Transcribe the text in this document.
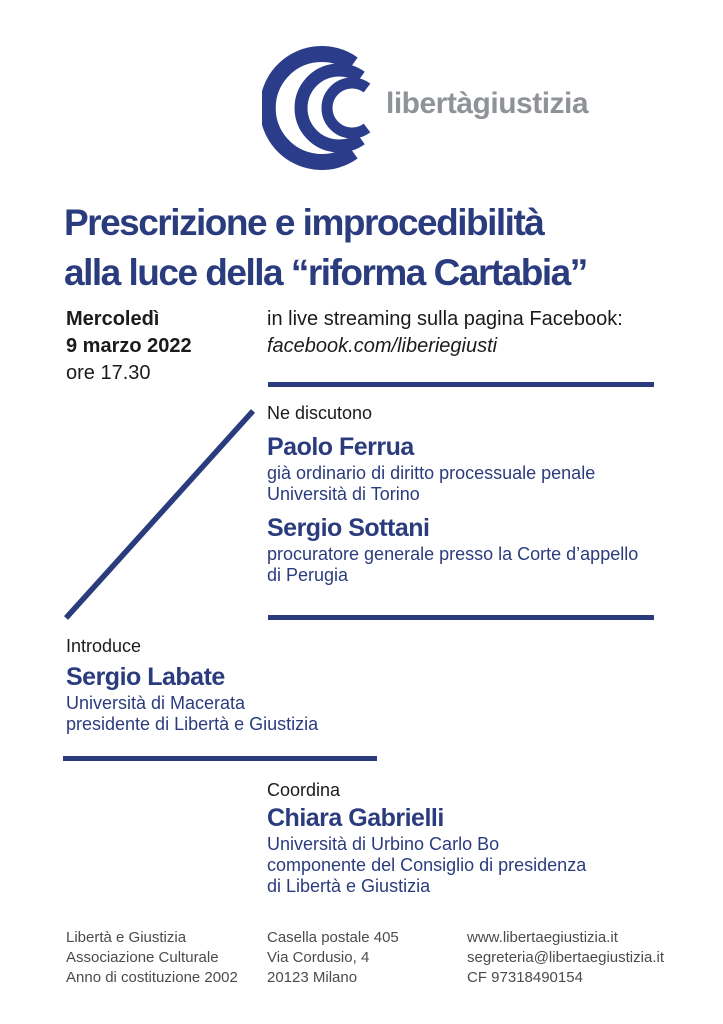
libertàgiustizia
Prescrizione e improcedibilità
alla luce della “riforma Cartabia”
Mercoledì
9 marzo 2022
ore 17.30
in live streaming sulla pagina Facebook:
facebook.com/liberiegiusti
Ne discutono
Paolo Ferrua
già ordinario di diritto processuale penale
Università di Torino
Sergio Sottani
procuratore generale presso la Corte d’appello
di Perugia
Introduce
Sergio Labate
Università di Macerata
presidente di Libertà e Giustizia
Coordina
Chiara Gabrielli
Università di Urbino Carlo Bo
componente del Consiglio di presidenza
di Libertà e Giustizia
Libertà e Giustizia
Associazione Culturale
Anno di costituzione 2002
Casella postale 405
Via Cordusio, 4
20123 Milano
www.libertaegiustizia.it
segreteria@libertaegiustizia.it
CF 97318490154
